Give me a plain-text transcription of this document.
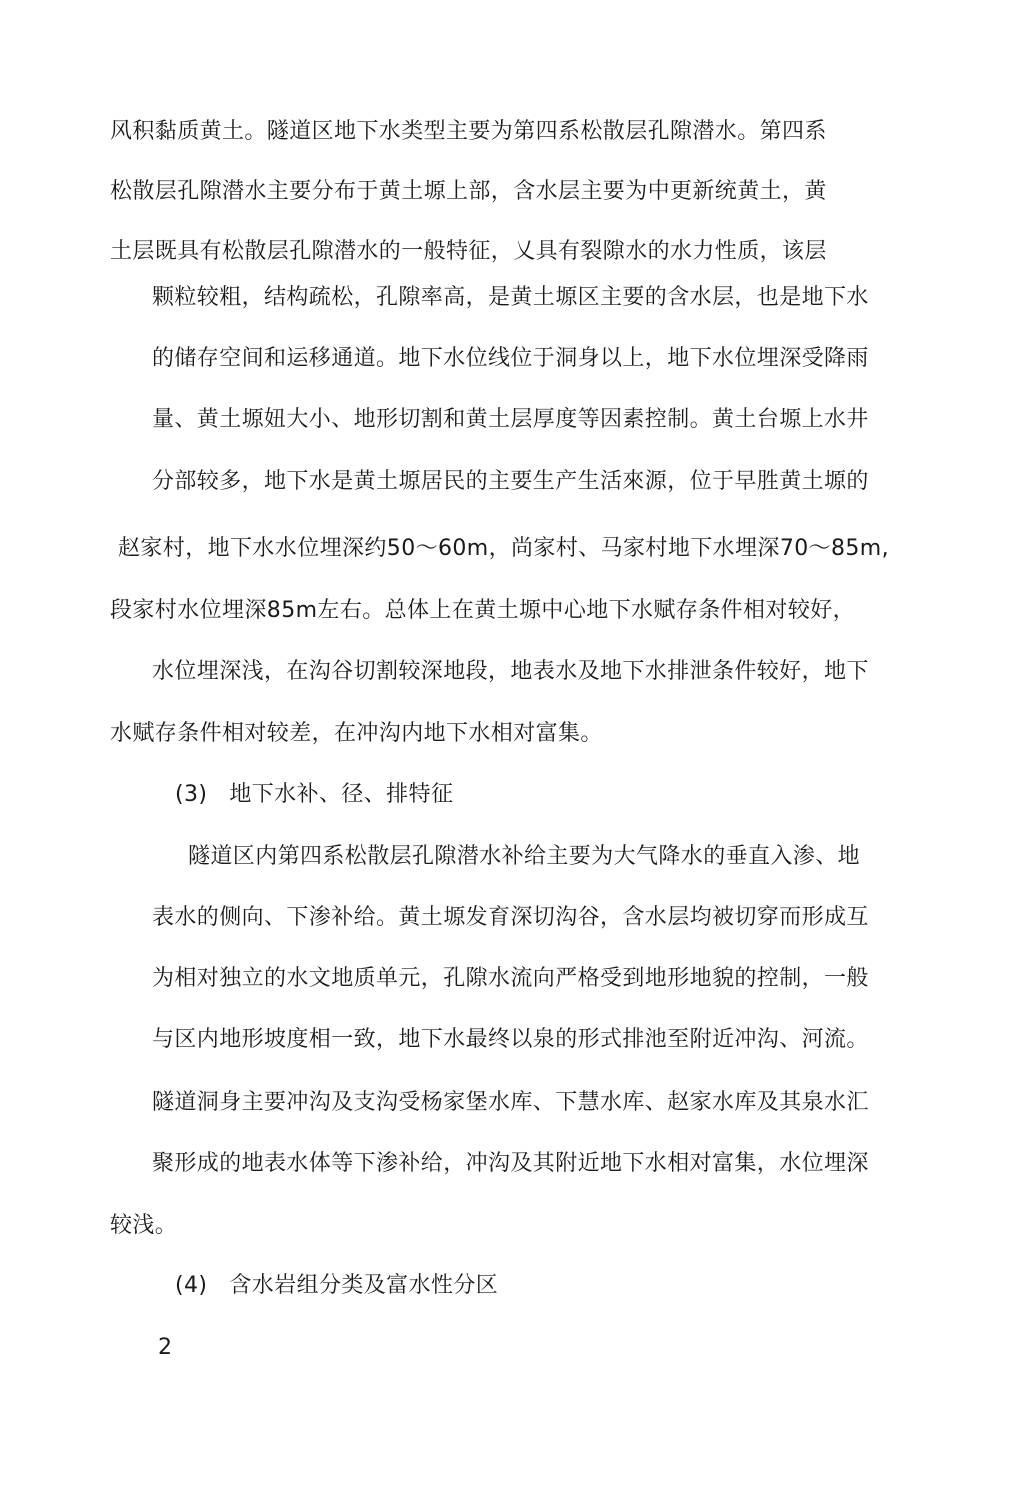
风积黏质黄土。隧道区地下水类型主要为第四系松散层孔隙潜水。第四系
松散层孔隙潜水主要分布于黄土塬上部，含水层主要为中更新统黄土，黄
土层既具有松散层孔隙潜水的一般特征，乂具有裂隙水的水力性质，该层
颗粒较粗，结构疏松，孔隙率高，是黄土塬区主要的含水层，也是地下水
的储存空间和运移通道。地下水位线位于洞身以上，地下水位埋深受降雨
量、黄土塬妞大小、地形切割和黄土层厚度等因素控制。黄土台塬上水井
分部较多，地下水是黄土塬居民的主要生产生活來源，位于早胜黄土塬的
赵家村，地下水水位埋深约50～60m，尚家村、马家村地下水埋深70～85m,
段家村水位埋深85m左右。总体上在黄土塬中心地下水赋存条件相对较好，
水位埋深浅，在沟谷切割较深地段，地表水及地下水排泄条件较好，地下
水赋存条件相对较差，在冲沟内地下水相对富集。
(3) 地下水补、径、排特征
隧道区内第四系松散层孔隙潜水补给主要为大气降水的垂直入渗、地
表水的侧向、下渗补给。黄土塬发育深切沟谷，含水层均被切穿而形成互
为相对独立的水文地质单元，孔隙水流向严格受到地形地貌的控制，一般
与区内地形坡度相一致，地下水最终以泉的形式排池至附近冲沟、河流。
隧道洞身主要冲沟及支沟受杨家堡水库、下慧水库、赵家水库及其泉水汇
聚形成的地表水体等下渗补给，冲沟及其附近地下水相对富集，水位埋深
较浅。
(4) 含水岩组分类及富水性分区
2
